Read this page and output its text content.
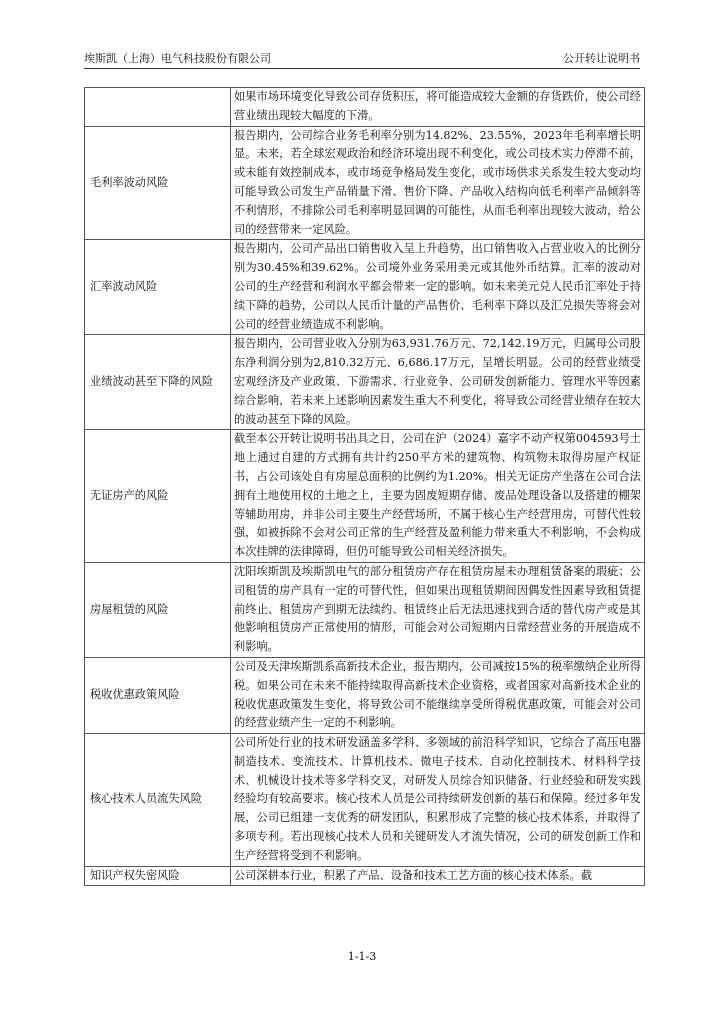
埃斯凯（上海）电气科技股份有限公司	公开转让说明书
	如果市场环境变化导致公司存货积压，将可能造成较大金额的存货跌价，使公司经营业绩出现较大幅度的下滑。
毛利率波动风险	报告期内，公司综合业务毛利率分别为14.82%、23.55%，2023年毛利率增长明显。未来，若全球宏观政治和经济环境出现不利变化，或公司技术实力停滞不前，或未能有效控制成本，或市场竞争格局发生变化，或市场供求关系发生较大变动均可能导致公司发生产品销量下滑、售价下降、产品收入结构向低毛利率产品倾斜等不利情形，不排除公司毛利率明显回调的可能性，从而毛利率出现较大波动，给公司的经营带来一定风险。
汇率波动风险	报告期内，公司产品出口销售收入呈上升趋势，出口销售收入占营业收入的比例分别为30.45%和39.62%。公司境外业务采用美元或其他外币结算。汇率的波动对公司的生产经营和利润水平都会带来一定的影响。如未来美元兑人民币汇率处于持续下降的趋势，公司以人民币计量的产品售价、毛利率下降以及汇兑损失等将会对公司的经营业绩造成不利影响。
业绩波动甚至下降的风险	报告期内，公司营业收入分别为63,931.76万元、72,142.19万元，归属母公司股东净利润分别为2,810.32万元、6,686.17万元，呈增长明显。公司的经营业绩受宏观经济及产业政策、下游需求、行业竞争、公司研发创新能力、管理水平等因素综合影响，若未来上述影响因素发生重大不利变化，将导致公司经营业绩存在较大的波动甚至下降的风险。
无证房产的风险	截至本公开转让说明书出具之日，公司在沪（2024）嘉字不动产权第004593号土地上通过自建的方式拥有共计约250平方米的建筑物、构筑物未取得房屋产权证书，占公司该处自有房屋总面积的比例约为1.20%。相关无证房产坐落在公司合法拥有土地使用权的土地之上，主要为固废短期存储、废品处理设备以及搭建的棚架等辅助用房，并非公司主要生产经营场所，不属于核心生产经营用房，可替代性较强，如被拆除不会对公司正常的生产经营及盈利能力带来重大不利影响，不会构成本次挂牌的法律障碍，但仍可能导致公司相关经济损失。
房屋租赁的风险	沈阳埃斯凯及埃斯凯电气的部分租赁房产存在租赁房屋未办理租赁备案的瑕疵；公司租赁的房产具有一定的可替代性，但如果出现租赁期间因偶发性因素导致租赁提前终止、租赁房产到期无法续约、租赁终止后无法迅速找到合适的替代房产或是其他影响租赁房产正常使用的情形，可能会对公司短期内日常经营业务的开展造成不利影响。
税收优惠政策风险	公司及天津埃斯凯系高新技术企业，报告期内，公司减按15%的税率缴纳企业所得税。如果公司在未来不能持续取得高新技术企业资格，或者国家对高新技术企业的税收优惠政策发生变化，将导致公司不能继续享受所得税优惠政策，可能会对公司的经营业绩产生一定的不利影响。
核心技术人员流失风险	公司所处行业的技术研发涵盖多学科、多领域的前沿科学知识，它综合了高压电器制造技术、变流技术、计算机技术、微电子技术、自动化控制技术、材料科学技术、机械设计技术等多学科交叉，对研发人员综合知识储备、行业经验和研发实践经验均有较高要求。核心技术人员是公司持续研发创新的基石和保障。经过多年发展，公司已组建一支优秀的研发团队，积累形成了完整的核心技术体系，并取得了多项专利。若出现核心技术人员和关键研发人才流失情况，公司的研发创新工作和生产经营将受到不利影响。
知识产权失密风险	公司深耕本行业，积累了产品、设备和技术工艺方面的核心技术体系。截
1-1-3
